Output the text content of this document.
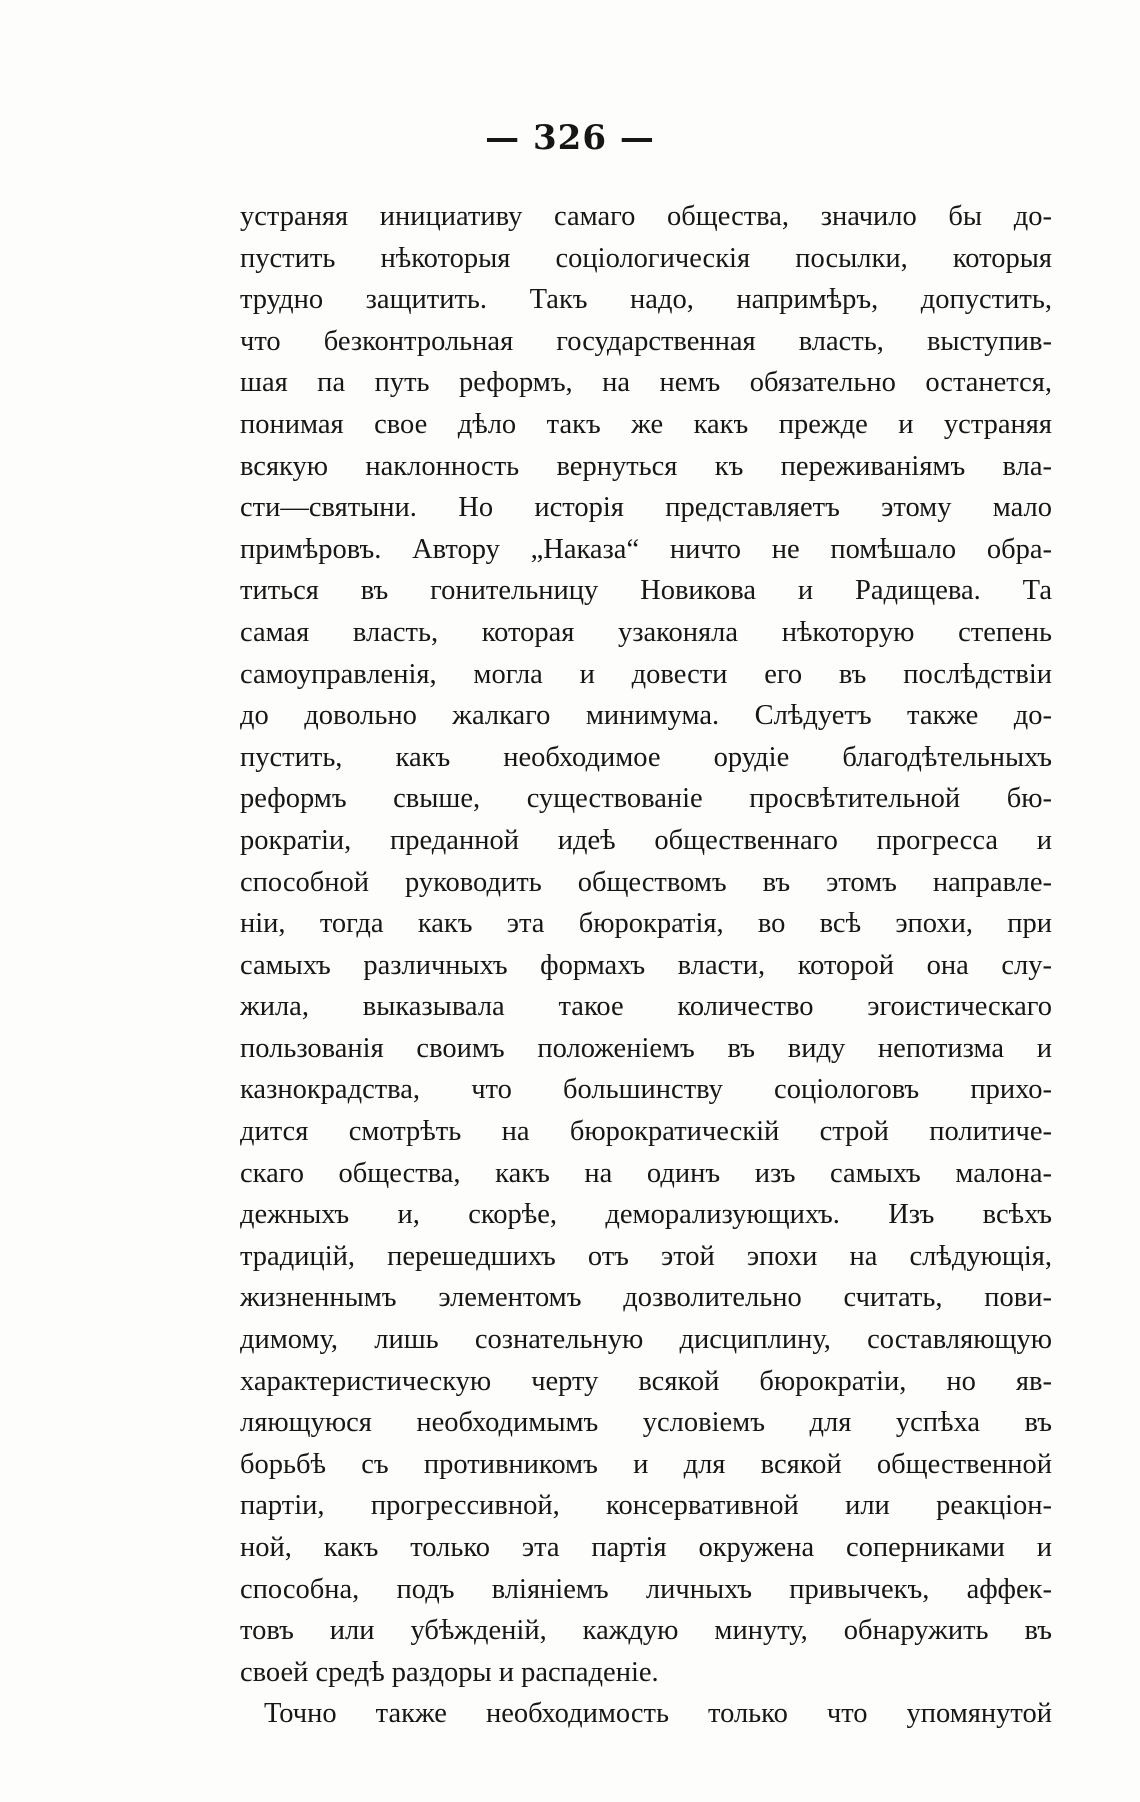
— 326 —
устраняя инициативу самаго общества, значило бы до-
пустить нѣкоторыя соціологическія посылки, которыя
трудно защитить. Такъ надо, напримѣръ, допустить,
что безконтрольная государственная власть, выступив-
шая па путь реформъ, на немъ обязательно останется,
понимая свое дѣло такъ же какъ прежде и устраняя
всякую наклонность вернуться къ переживаніямъ вла-
сти—святыни. Но исторія представляетъ этому мало
примѣровъ. Автору „Наказа“ ничто не помѣшало обра-
титься въ гонительницу Новикова и Радищева. Та
самая власть, которая узаконяла нѣкоторую степень
самоуправленія, могла и довести его въ послѣдствіи
до довольно жалкаго минимума. Слѣдуетъ также до-
пустить, какъ необходимое орудіе благодѣтельныхъ
реформъ свыше, существованіе просвѣтительной бю-
рократіи, преданной идеѣ общественнаго прогресса и
способной руководить обществомъ въ этомъ направле-
ніи, тогда какъ эта бюрократія, во всѣ эпохи, при
самыхъ различныхъ формахъ власти, которой она слу-
жила, выказывала такое количество эгоистическаго
пользованія своимъ положеніемъ въ виду непотизма и
казнокрадства, что большинству соціологовъ прихо-
дится смотрѣть на бюрократическій строй политиче-
скаго общества, какъ на одинъ изъ самыхъ малона-
дежныхъ и, скорѣе, деморализующихъ. Изъ всѣхъ
традицій, перешедшихъ отъ этой эпохи на слѣдующія,
жизненнымъ элементомъ дозволительно считать, пови-
димому, лишь сознательную дисциплину, составляющую
характеристическую черту всякой бюрократіи, но яв-
ляющуюся необходимымъ условіемъ для успѣха въ
борьбѣ съ противникомъ и для всякой общественной
партіи, прогрессивной, консервативной или реакціон-
ной, какъ только эта партія окружена соперниками и
способна, подъ вліяніемъ личныхъ привычекъ, аффек-
товъ или убѣжденій, каждую минуту, обнаружить въ
своей средѣ раздоры и распаденіе.
Точно также необходимость только что упомянутой
